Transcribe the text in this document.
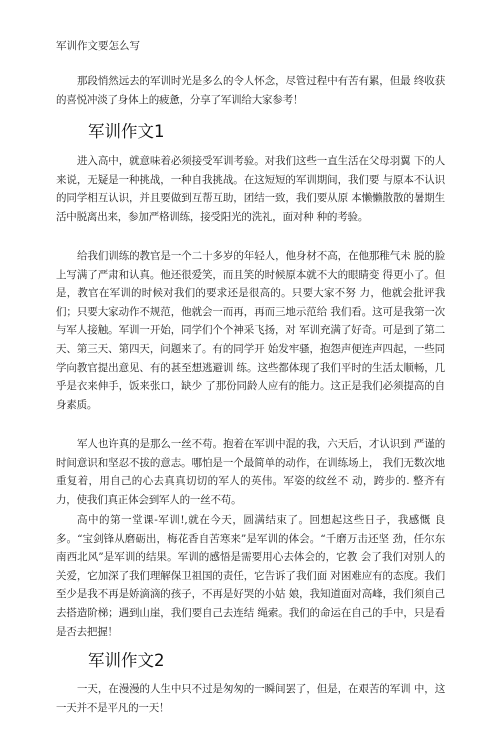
军训作文要怎么写

那段悄然远去的军训时光是多么的令人怀念，尽管过程中有苦有累，但最 终收获的喜悦冲淡了身体上的疲惫，分享了军训给大家参考！

军训作文1

进入高中，就意味着必须接受军训考验。对我们这些一直生活在父母羽翼 下的人来说，无疑是一种挑战，一种自我挑战。在这短短的军训期间，我们要 与原本不认识的同学相互认识，并且要做到互帮互助，团结一致，我们要从原 本懒懒散散的暑期生活中脱离出来，参加严格训练，接受阳光的洗礼，面对种 种的考验。

给我们训练的教官是一个二十多岁的年轻人，他身材不高，在他那稚气未 脱的脸上写满了严肃和认真。他还很爱笑，而且笑的时候原本就不大的眼睛变 得更小了。但是，教官在军训的时候对我们的要求还是很高的。只要大家不努 力，他就会批评我们；只要大家动作不规范，他就会一而再，再而三地示范给 我们看。这可是我第一次与军人接触。军训一开始，同学们个个神采飞扬，对 军训充满了好奇。可是到了第二天、第三天、第四天，问题来了。有的同学开 始发牢骚，抱怨声便连声四起，一些同学向教官提出意见、有的甚至想逃避训 练。这些都体现了我们平时的生活太顺畅，几乎是衣来伸手，饭来张口，缺少 了那份同龄人应有的能力。这正是我们必须提高的自身素质。

军人也许真的是那么一丝不苟。抱着在军训中混的我，六天后，才认识到 严谨的时间意识和坚忍不拔的意志。哪怕是一个最简单的动作，在训练场上， 我们无数次地重复着，用自己的心去真真切切的军人的英伟。军姿的纹丝不 动，跨步的. 整齐有力，使我们真正体会到军人的一丝不苟。

高中的第一堂课-军训!,就在今天，圆满结束了。回想起这些日子，我感慨 良多。“宝剑锋从磨砺出，梅花香自苦寒来”是军训的体会。“千磨万击还坚 劲，任尔东南西北风”是军训的结果。军训的感悟是需要用心去体会的，它教 会了我们对别人的关爱，它加深了我们理解保卫祖国的责任，它告诉了我们面 对困难应有的态度。我们至少是我不再是娇滴滴的孩子，不再是好哭的小姑 娘，我知道面对高峰，我们须自己去搭造阶梯；遇到山崖，我们要自己去连结 绳索。我们的命运在自己的手中，只是看是否去把握！

军训作文2

一天，在漫漫的人生中只不过是匆匆的一瞬间罢了，但是，在艰苦的军训 中，这一天并不是平凡的一天！
